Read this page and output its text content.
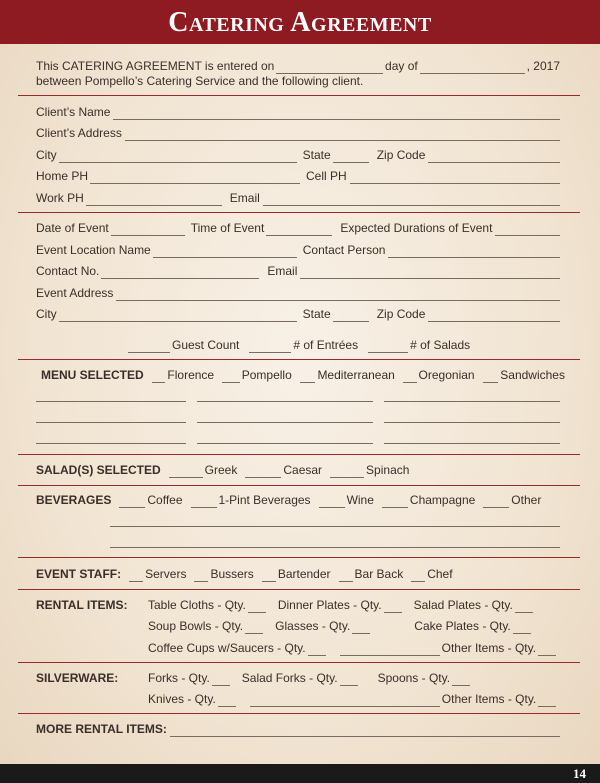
Catering Agreement
This CATERING AGREEMENT is entered on	day of	, 2017
between Pompello’s Catering Service and the following client.
Client’s Name
Client’s Address
City	State	Zip Code
Home PH	Cell PH
Work PH	Email
Date of Event	Time of Event	Expected Durations of Event
Event Location Name	Contact Person
Contact No.	Email
Event Address
City	State	Zip Code
Guest Count	# of Entrées	# of Salads
MENU SELECTED Florence Pompello Mediterranean Oregonian Sandwiches
SALAD(S) SELECTED	Greek	Caesar	Spinach
BEVERAGES	Coffee	1-Pint Beverages	Wine	Champagne	Other
EVENT STAFF: Servers Bussers Bartender Bar Back Chef
RENTAL ITEMS: Table Cloths - Qty.	Dinner Plates - Qty.	Salad Plates - Qty.
Soup Bowls - Qty.	Glasses - Qty.	Cake Plates - Qty.
Coffee Cups w/Saucers - Qty.	Other Items - Qty.
SILVERWARE: Forks - Qty.	Salad Forks - Qty.	Spoons - Qty.
Knives - Qty.	Other Items - Qty.
MORE RENTAL ITEMS:
14
